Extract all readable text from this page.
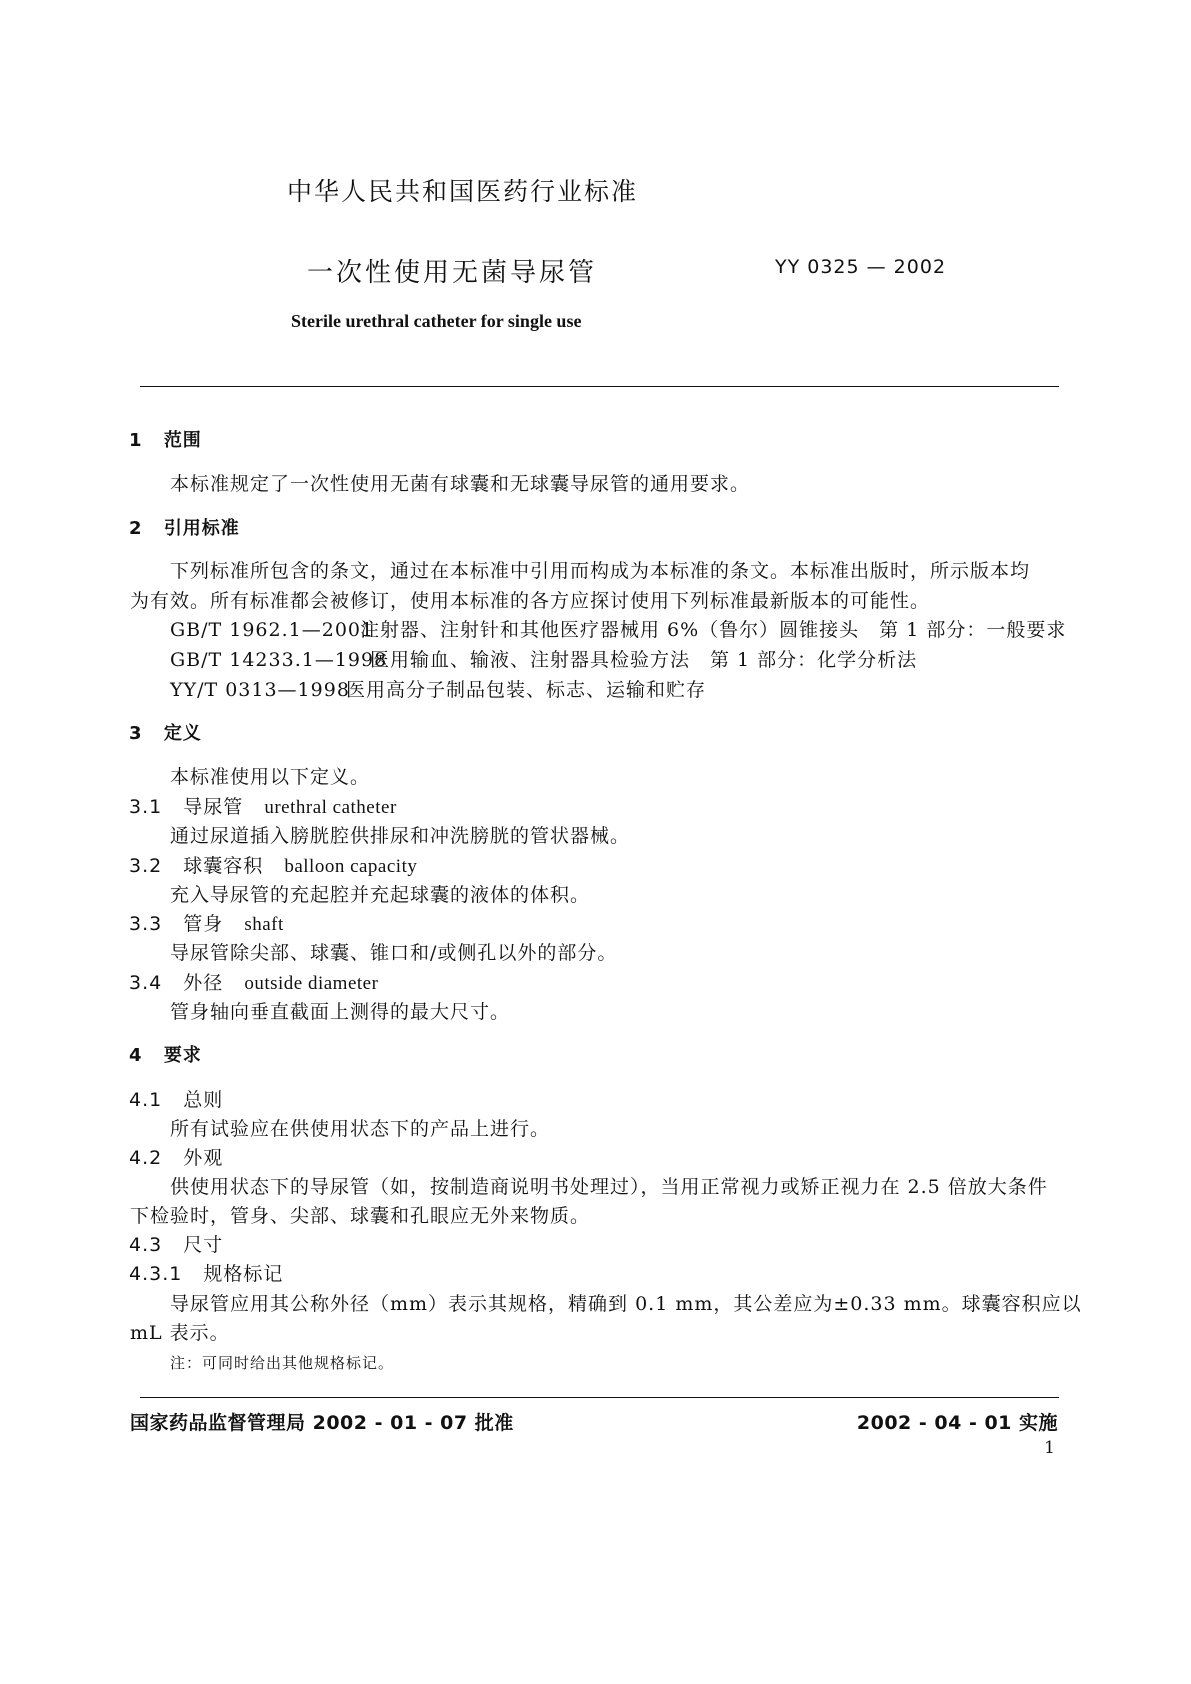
中华人民共和国医药行业标准
一次性使用无菌导尿管	YY 0325 — 2002
Sterile urethral catheter for single use
1 范围
本标准规定了一次性使用无菌有球囊和无球囊导尿管的通用要求。
2 引用标准
下列标准所包含的条文，通过在本标准中引用而构成为本标准的条文。本标准出版时，所示版本均
为有效。所有标准都会被修订，使用本标准的各方应探讨使用下列标准最新版本的可能性。
GB/T 1962.1—2001注射器、注射针和其他医疗器械用 6%（鲁尔）圆锥接头　第 1 部分：一般要求
GB/T 14233.1—1998医用输血、输液、注射器具检验方法　第 1 部分：化学分析法
YY/T 0313—1998医用高分子制品包装、标志、运输和贮存
3 定义
本标准使用以下定义。
3.1 导尿管 urethral catheter
通过尿道插入膀胱腔供排尿和冲洗膀胱的管状器械。
3.2 球囊容积 balloon capacity
充入导尿管的充起腔并充起球囊的液体的体积。
3.3 管身 shaft
导尿管除尖部、球囊、锥口和/或侧孔以外的部分。
3.4 外径 outside diameter
管身轴向垂直截面上测得的最大尺寸。
4 要求
4.1 总则
所有试验应在供使用状态下的产品上进行。
4.2 外观
供使用状态下的导尿管（如，按制造商说明书处理过），当用正常视力或矫正视力在 2.5 倍放大条件
下检验时，管身、尖部、球囊和孔眼应无外来物质。
4.3 尺寸
4.3.1 规格标记
导尿管应用其公称外径（mm）表示其规格，精确到 0.1 mm，其公差应为±0.33 mm。球囊容积应以
mL 表示。
注：可同时给出其他规格标记。
国家药品监督管理局 2002 - 01 - 07 批准	2002 - 04 - 01 实施
1
